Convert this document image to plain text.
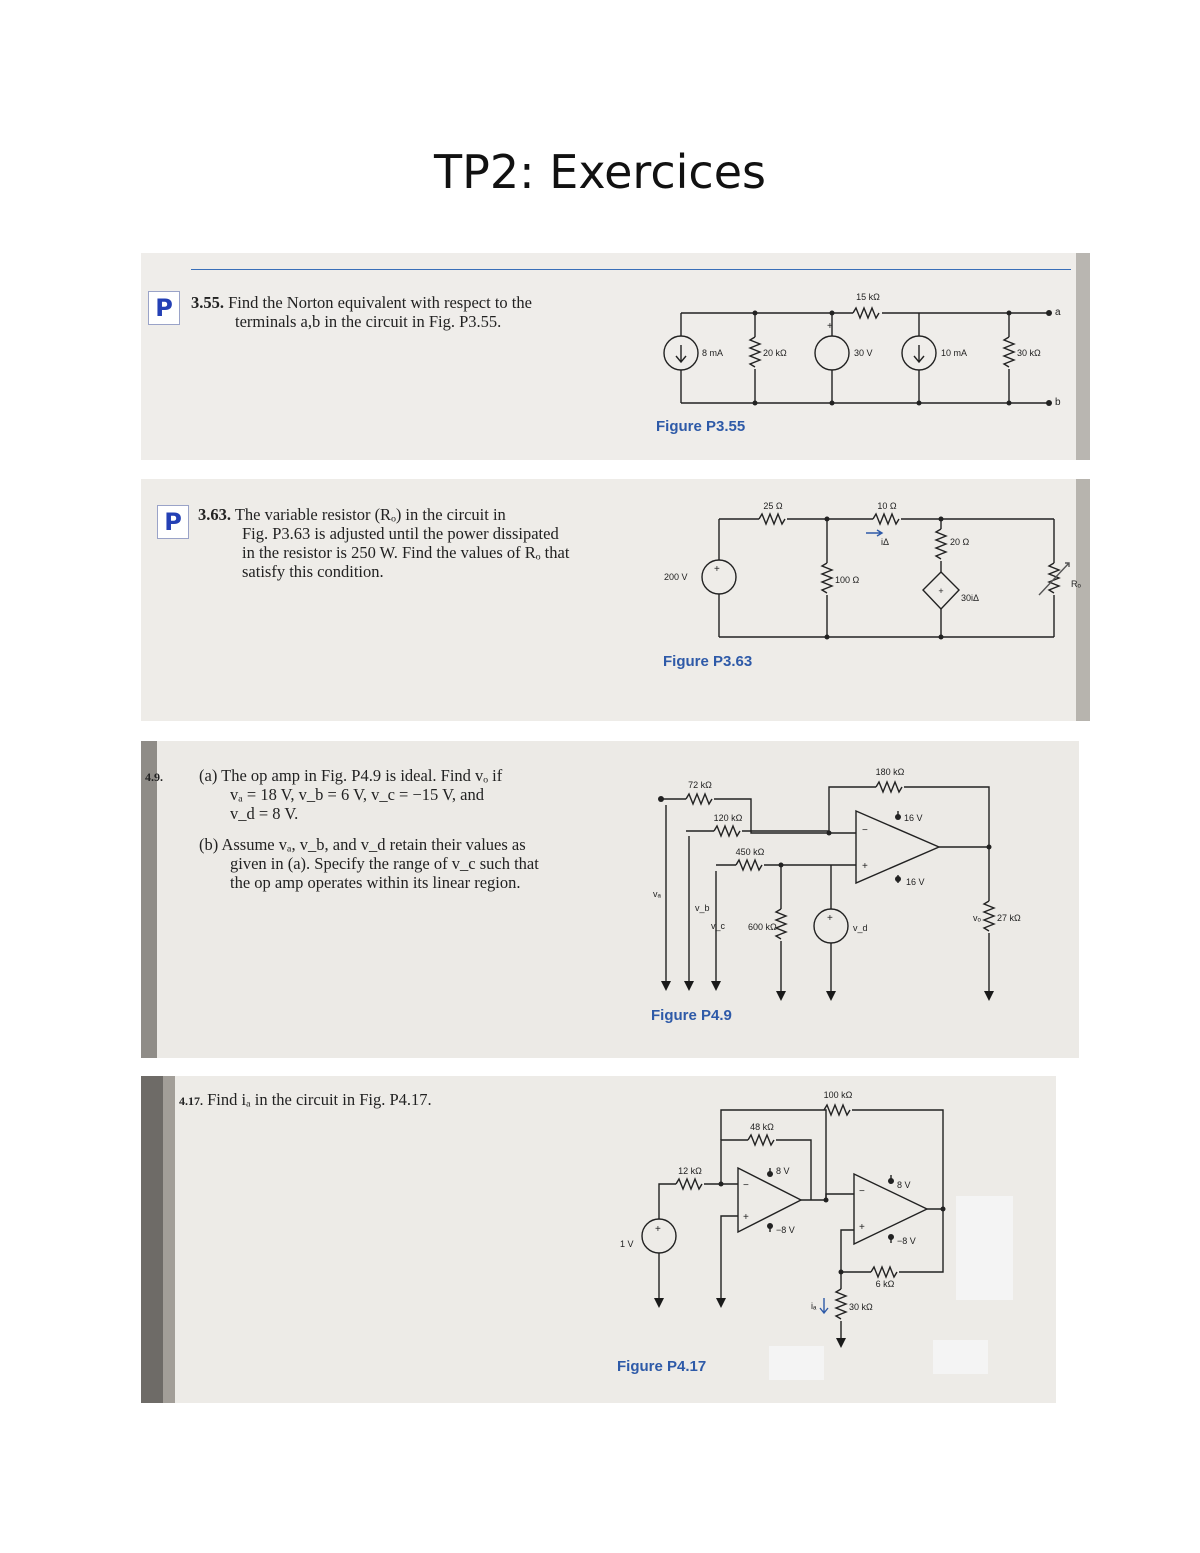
TP2: Exercices
P	3.55. Find the Norton equivalent with respect to the
terminals a,b in the circuit in Fig. P3.55.	+
15 kΩ
8 mA	20 kΩ	30 V	10 mA	30 kΩ
a
b
Figure P3.55
P 3.63. The variable resistor (Rₒ) in the circuit in
Fig. P3.63 is adjusted until the power dissipated
in the resistor is 250 W. Find the values of Rₒ that
satisfy this condition.	+
+
25 Ω	10 Ω
iΔ	20 Ω
200 V	100 Ω
30iΔ
Rₒ
Figure P3.63
4.9. (a) The op amp in Fig. P4.9 is ideal. Find vₒ if
vₐ = 18 V, v_b = 6 V, v_c = −15 V, and
v_d = 8 V.
(b) Assume vₐ, v_b, and v_d retain their values as
given in (a). Specify the range of v_c such that
the op amp operates within its linear region.
−
+
+
72 kΩ
120 kΩ
450 kΩ
180 kΩ
16 V
16 V
600 kΩ
27 kΩ
vₒ
v_d
vₐ
v_b
v_c
Figure P4.9
4.17. Find iₐ in the circuit in Fig. P4.17.
−
+
−
+
+
100 kΩ
48 kΩ
12 kΩ	8 V
8 V
−8 V
−8 V
1 V
6 kΩ
iₐ	30 kΩ
Figure P4.17
